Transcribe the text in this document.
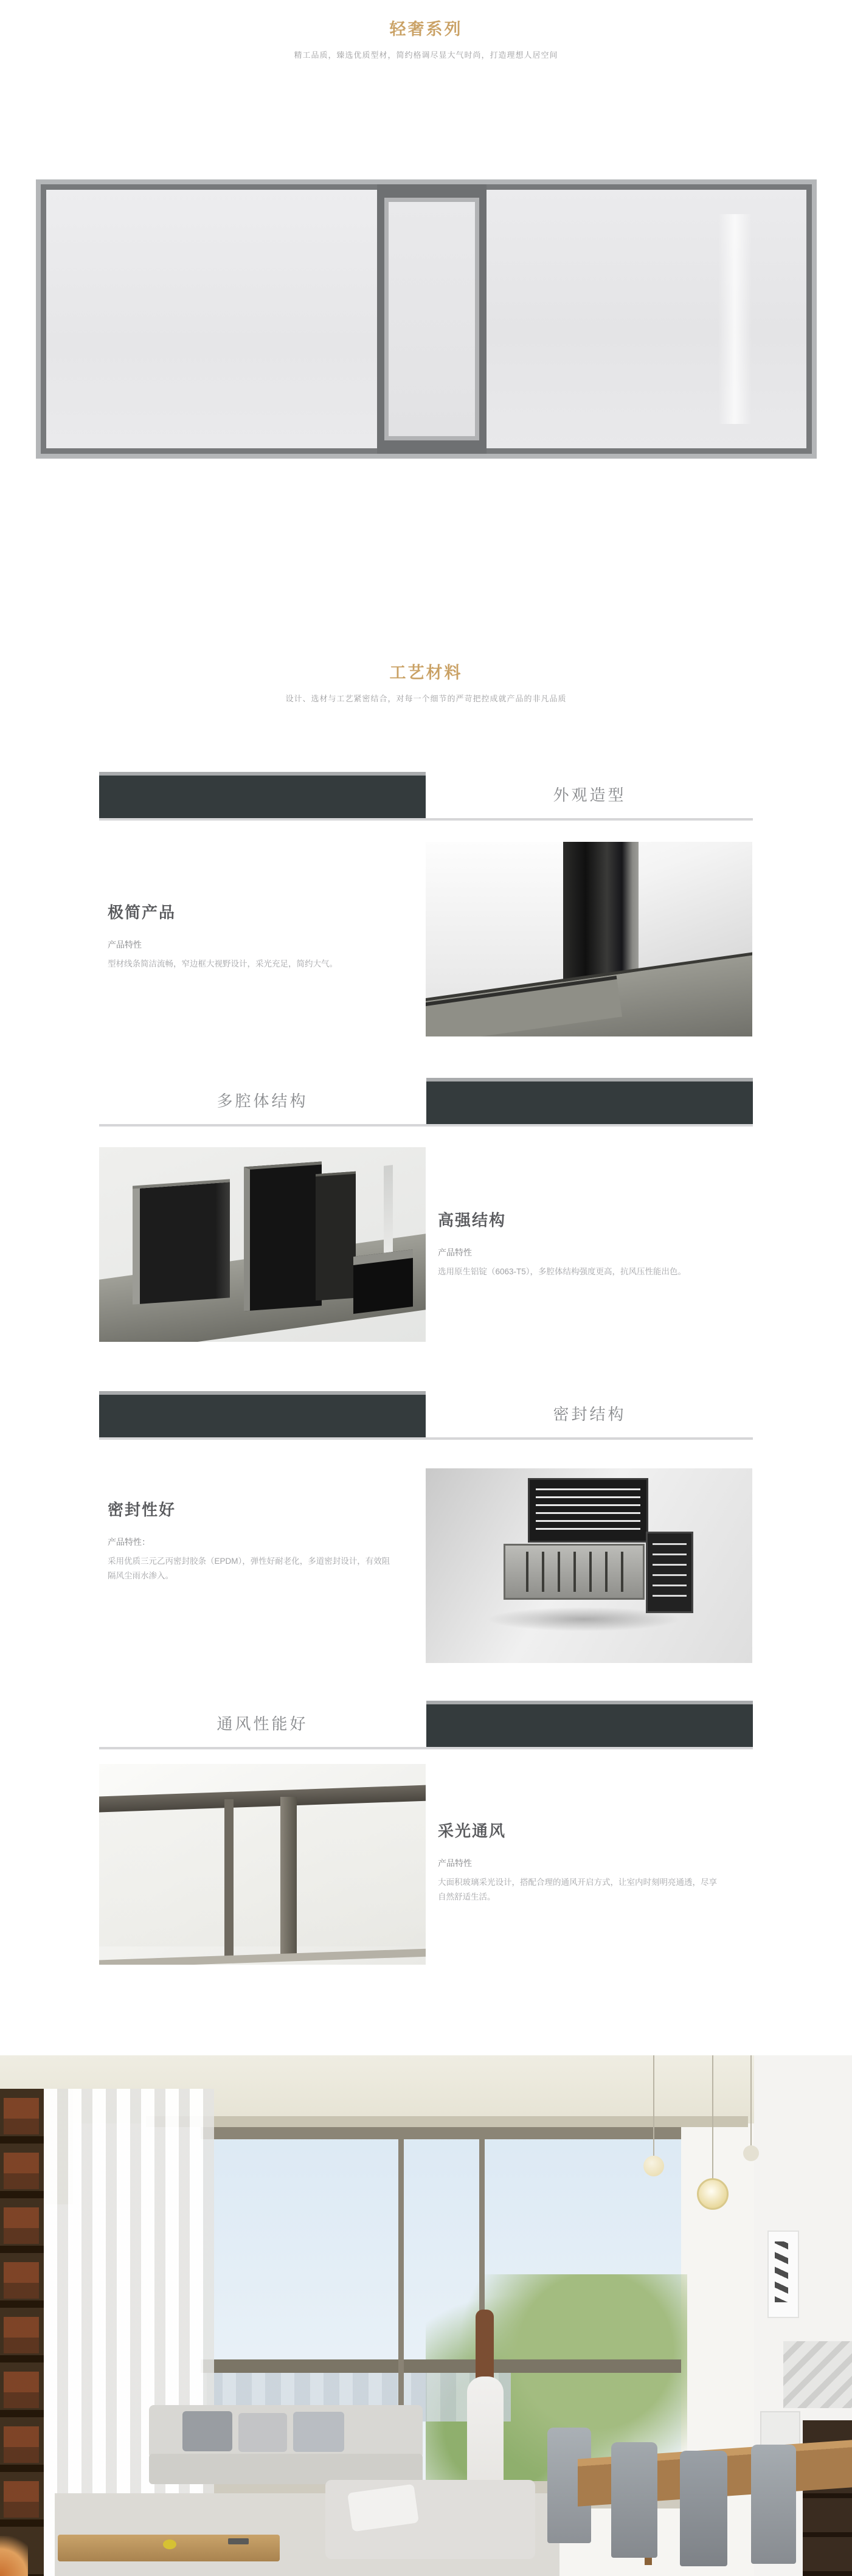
轻奢系列
精工品质，臻选优质型材，简约格调尽显大气时尚，打造理想人居空间
工艺材料
设计、选材与工艺紧密结合，对每一个细节的严苛把控成就产品的非凡品质
外观造型
极简产品
产品特性
型材线条简洁流畅，窄边框大视野设计，采光充足，简约大气。
多腔体结构
高强结构
产品特性
选用原生铝锭（6063-T5），多腔体结构强度更高，抗风压性能出色。
密封结构
密封性好
产品特性：
采用优质三元乙丙密封胶条（EPDM），弹性好耐老化，多道密封设计，有效阻隔风尘雨水渗入。
通风性能好
采光通风
产品特性
大面积玻璃采光设计，搭配合理的通风开启方式，让室内时刻明亮通透，尽享自然舒适生活。
